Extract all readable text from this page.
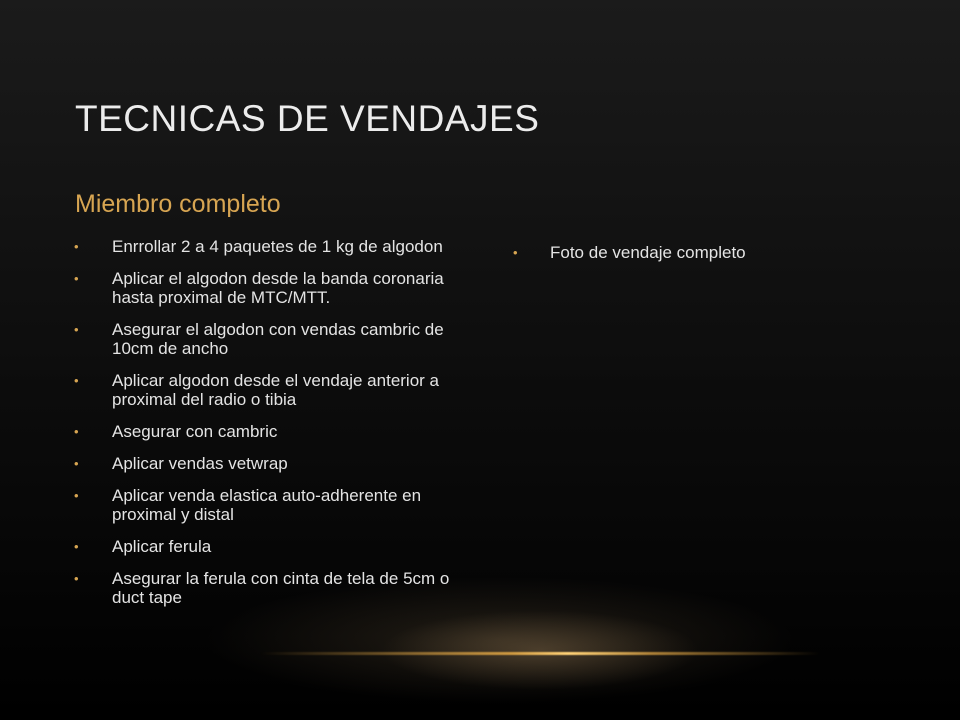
TECNICAS DE VENDAJES
Miembro completo
• Enrrollar 2 a 4 paquetes de 1 kg de algodon
• Aplicar el algodon desde la banda coronaria hasta proximal de MTC/MTT.
• Asegurar el algodon con vendas cambric de 10cm de ancho
• Aplicar algodon desde el vendaje anterior a proximal del radio o tibia
• Asegurar con cambric
• Aplicar vendas vetwrap
• Aplicar venda elastica auto-adherente en proximal y distal
• Aplicar ferula
• Asegurar la ferula con cinta de tela de 5cm o duct tape
• Foto de vendaje completo
